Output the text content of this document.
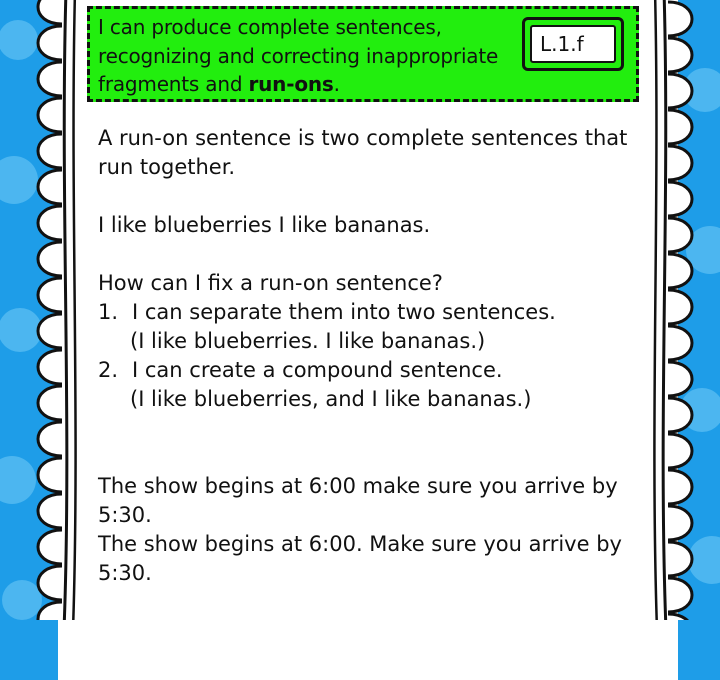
I can produce complete sentences, recognizing and correcting inappropriate fragments and run-ons.
L.1.f

A run-on sentence is two complete sentences that run together.

I like blueberries I like bananas.

How can I fix a run-on sentence?

1. I can separate them into two sentences.

(I like blueberries. I like bananas.)

2. I can create a compound sentence.

(I like blueberries, and I like bananas.)

The show begins at 6:00 make sure you arrive by 5:30.

The show begins at 6:00. Make sure you arrive by 5:30.
